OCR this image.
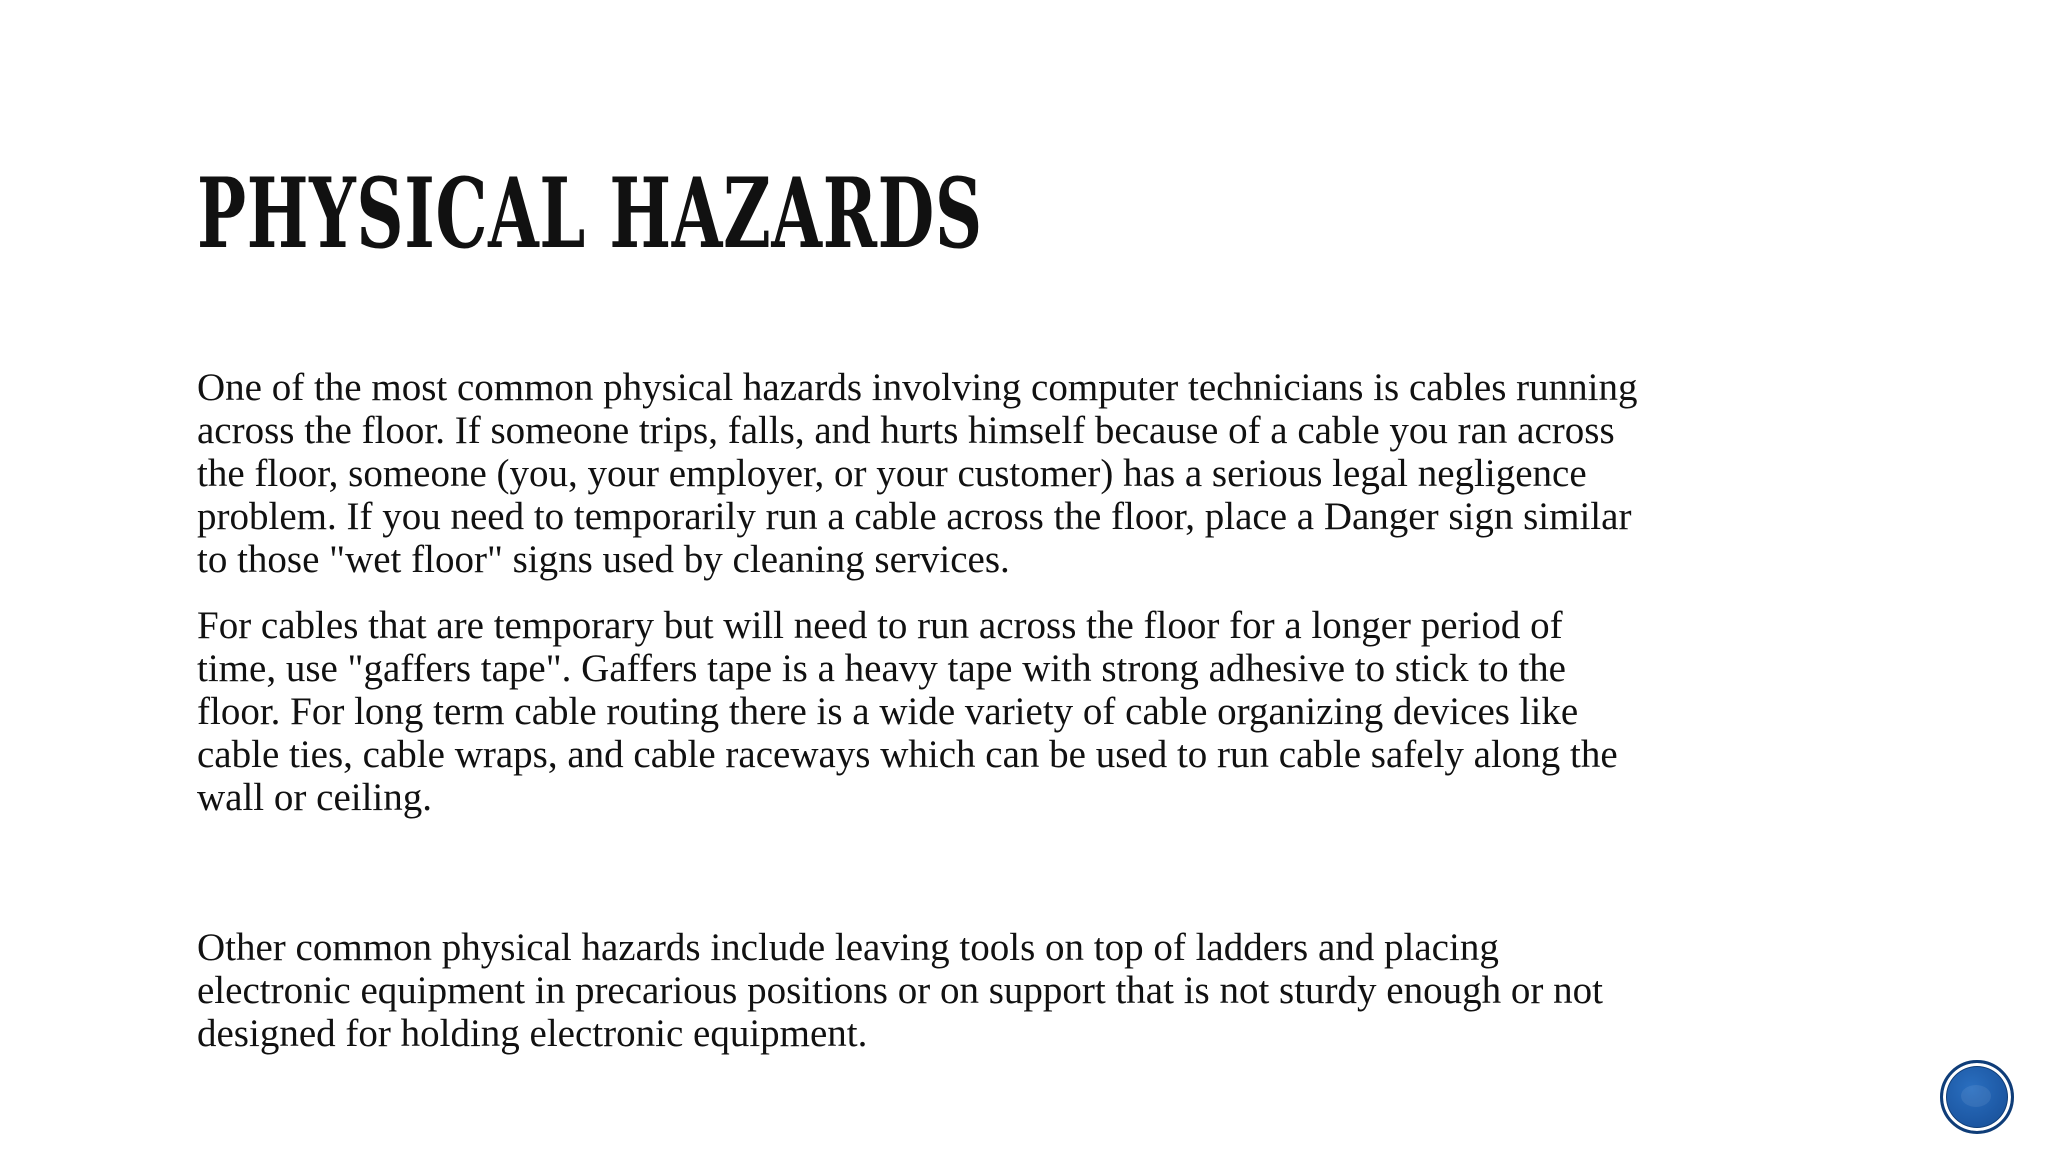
PHYSICAL HAZARDS

One of the most common physical hazards involving computer technicians is cables running
across the floor. If someone trips, falls, and hurts himself because of a cable you ran across
the floor, someone (you, your employer, or your customer) has a serious legal negligence
problem. If you need to temporarily run a cable across the floor, place a Danger sign similar
to those "wet floor" signs used by cleaning services.

For cables that are temporary but will need to run across the floor for a longer period of
time, use "gaffers tape". Gaffers tape is a heavy tape with strong adhesive to stick to the
floor. For long term cable routing there is a wide variety of cable organizing devices like
cable ties, cable wraps, and cable raceways which can be used to run cable safely along the
wall or ceiling.

Other common physical hazards include leaving tools on top of ladders and placing
electronic equipment in precarious positions or on support that is not sturdy enough or not
designed for holding electronic equipment.
